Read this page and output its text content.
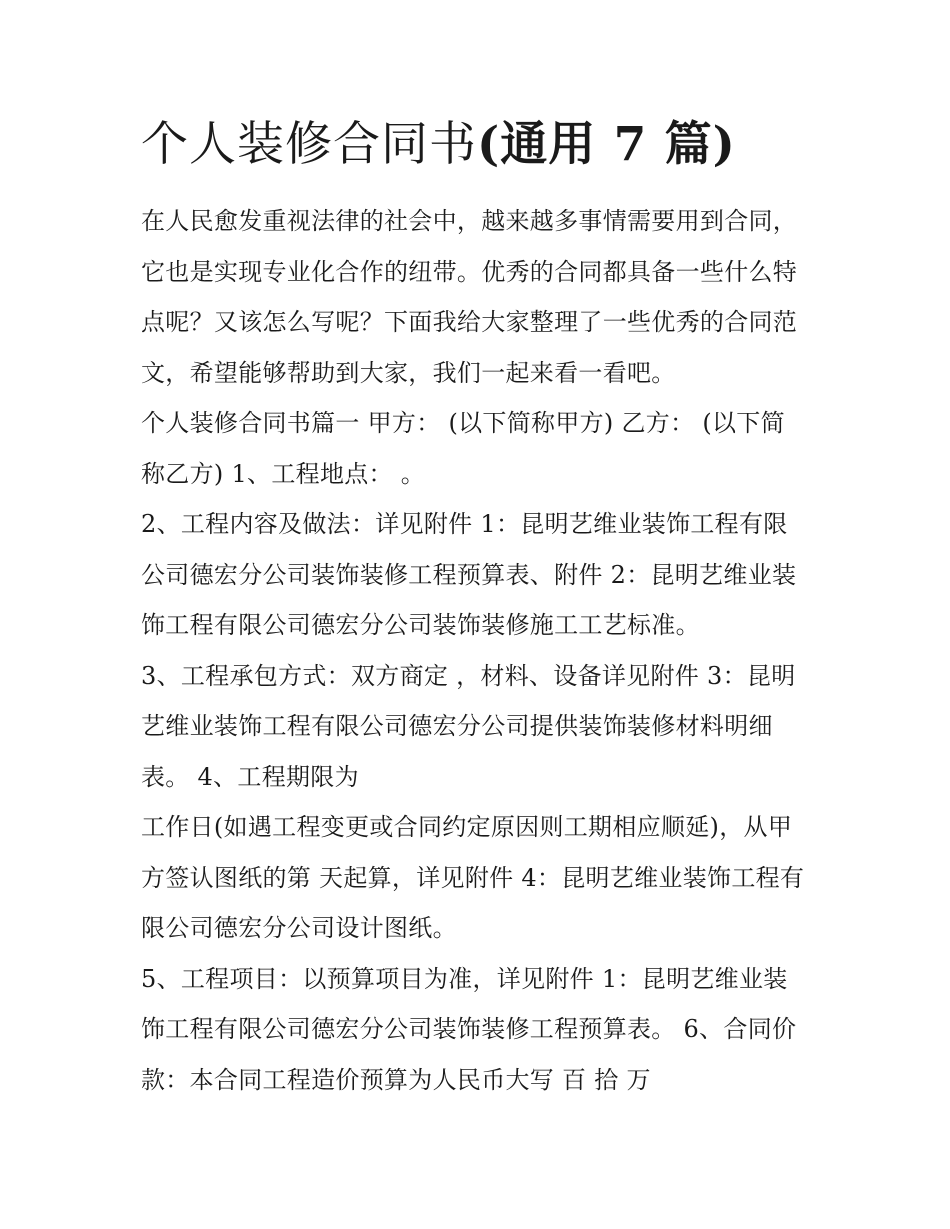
个人装修合同书(通用 7 篇)
在人民愈发重视法律的社会中，越来越多事情需要用到合同，
它也是实现专业化合作的纽带。优秀的合同都具备一些什么特
点呢？又该怎么写呢？下面我给大家整理了一些优秀的合同范
文，希望能够帮助到大家，我们一起来看一看吧。
个人装修合同书篇一 甲方： (以下简称甲方) 乙方： (以下简
称乙方) 1、工程地点： 。
2、工程内容及做法：详见附件 1：昆明艺维业装饰工程有限
公司德宏分公司装饰装修工程预算表、附件 2：昆明艺维业装
饰工程有限公司德宏分公司装饰装修施工工艺标准。
3、工程承包方式：双方商定 ，材料、设备详见附件 3：昆明
艺维业装饰工程有限公司德宏分公司提供装饰装修材料明细
表。 4、工程期限为
工作日(如遇工程变更或合同约定原因则工期相应顺延)，从甲
方签认图纸的第 天起算，详见附件 4：昆明艺维业装饰工程有
限公司德宏分公司设计图纸。
5、工程项目：以预算项目为准，详见附件 1：昆明艺维业装
饰工程有限公司德宏分公司装饰装修工程预算表。 6、合同价
款：本合同工程造价预算为人民币大写 百 拾 万
